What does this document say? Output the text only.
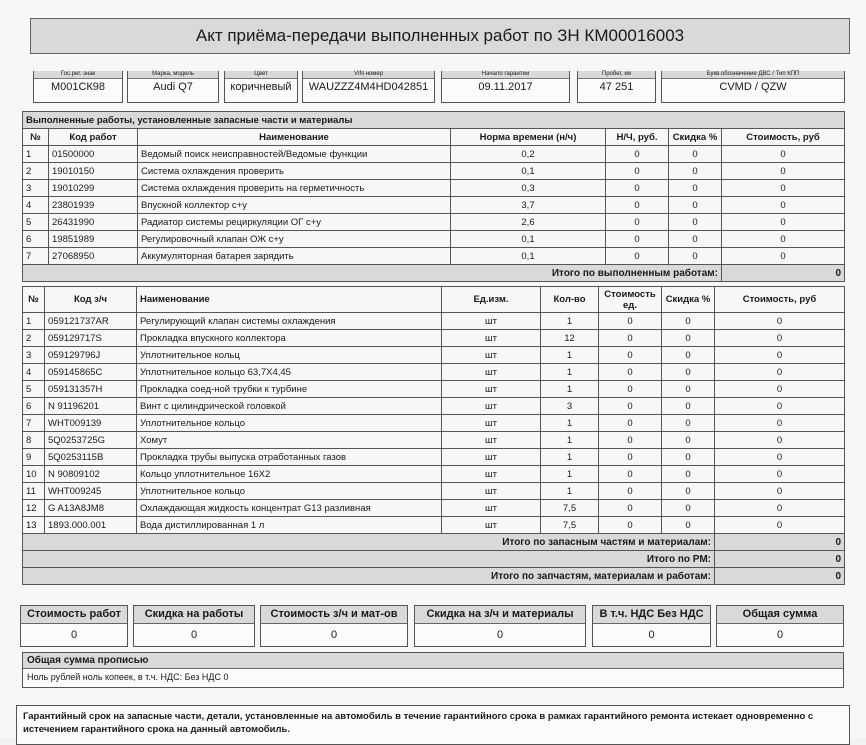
Акт приёма-передачи выполненных работ по ЗН КМ00016003
Гос.рег. знак
М001СК98
Марка, модель
Audi Q7
Цвет
коричневый
VIN номер
WAUZZZ4M4HD042851
Начало гарантии
09.11.2017
Пробег, км
47 251
Букв.обозначение ДВС / Тип КПП
CVMD / QZW
Выполненные работы, установленные запасные части и материалы						
№	Код работ	Наименование	Норма времени (н/ч)	Н/Ч, руб.	Скидка %	Стоимость, руб
1	01500000	Ведомый поиск неисправностей/Ведомые функции	0,2	0	0	0
2	19010150	Система охлаждения проверить	0,1	0	0	0
3	19010299	Система охлаждения проверить на герметичность	0,3	0	0	0
4	23801939	Впускной коллектор с+у	3,7	0	0	0
5	26431990	Радиатор системы рециркуляции ОГ с+у	2,6	0	0	0
6	19851989	Регулировочный клапан ОЖ с+у	0,1	0	0	0
7	27068950	Аккумуляторная батарея зарядить	0,1	0	0	0
Итого по выполненным работам:						0
№	Код з/ч	Наименование	Ед.изм.	Кол-во	Стоимость ед.	Скидка %	Стоимость, руб
1	059121737AR	Регулирующий клапан системы охлаждения	шт	1	0	0	0
2	059129717S	Прокладка впускного коллектора	шт	12	0	0	0
3	059129796J	Уплотнительное кольц	шт	1	0	0	0
4	059145865C	Уплотнительное кольцо 63,7X4,45	шт	1	0	0	0
5	059131357H	Прокладка соед-ной трубки к турбине	шт	1	0	0	0
6	N 91196201	Винт с цилиндрической головкой	шт	3	0	0	0
7	WHT009139	Уплотнительное кольцо	шт	1	0	0	0
8	5Q0253725G	Хомут	шт	1	0	0	0
9	5Q0253115B	Прокладка трубы выпуска отработанных газов	шт	1	0	0	0
10	N 90809102	Кольцо уплотнительное 16X2	шт	1	0	0	0
11	WHT009245	Уплотнительное кольцо	шт	1	0	0	0
12	G A13A8JM8	Охлаждающая жидкость концентрат G13 разливная	шт	7,5	0	0	0
13	1893.000.001	Вода дистиллированная 1 л	шт	7,5	0	0	0
Итого по запасным частям и материалам:							0
Итого по РМ:							0
Итого по запчастям, материалам и работам:							0
Стоимость работ
0
Скидка на работы
0
Стоимость з/ч и мат-ов
0
Скидка на з/ч и материалы
0
В т.ч. НДС Без НДС
0
Общая сумма
0
Общая сумма прописью
Ноль рублей ноль копеек, в т.ч. НДС: Без НДС 0
Гарантийный срок на запасные части, детали, установленные на автомобиль в течение гарантийного срока в рамках гарантийного ремонта истекает одновременно с истечением гарантийного срока на данный автомобиль.
